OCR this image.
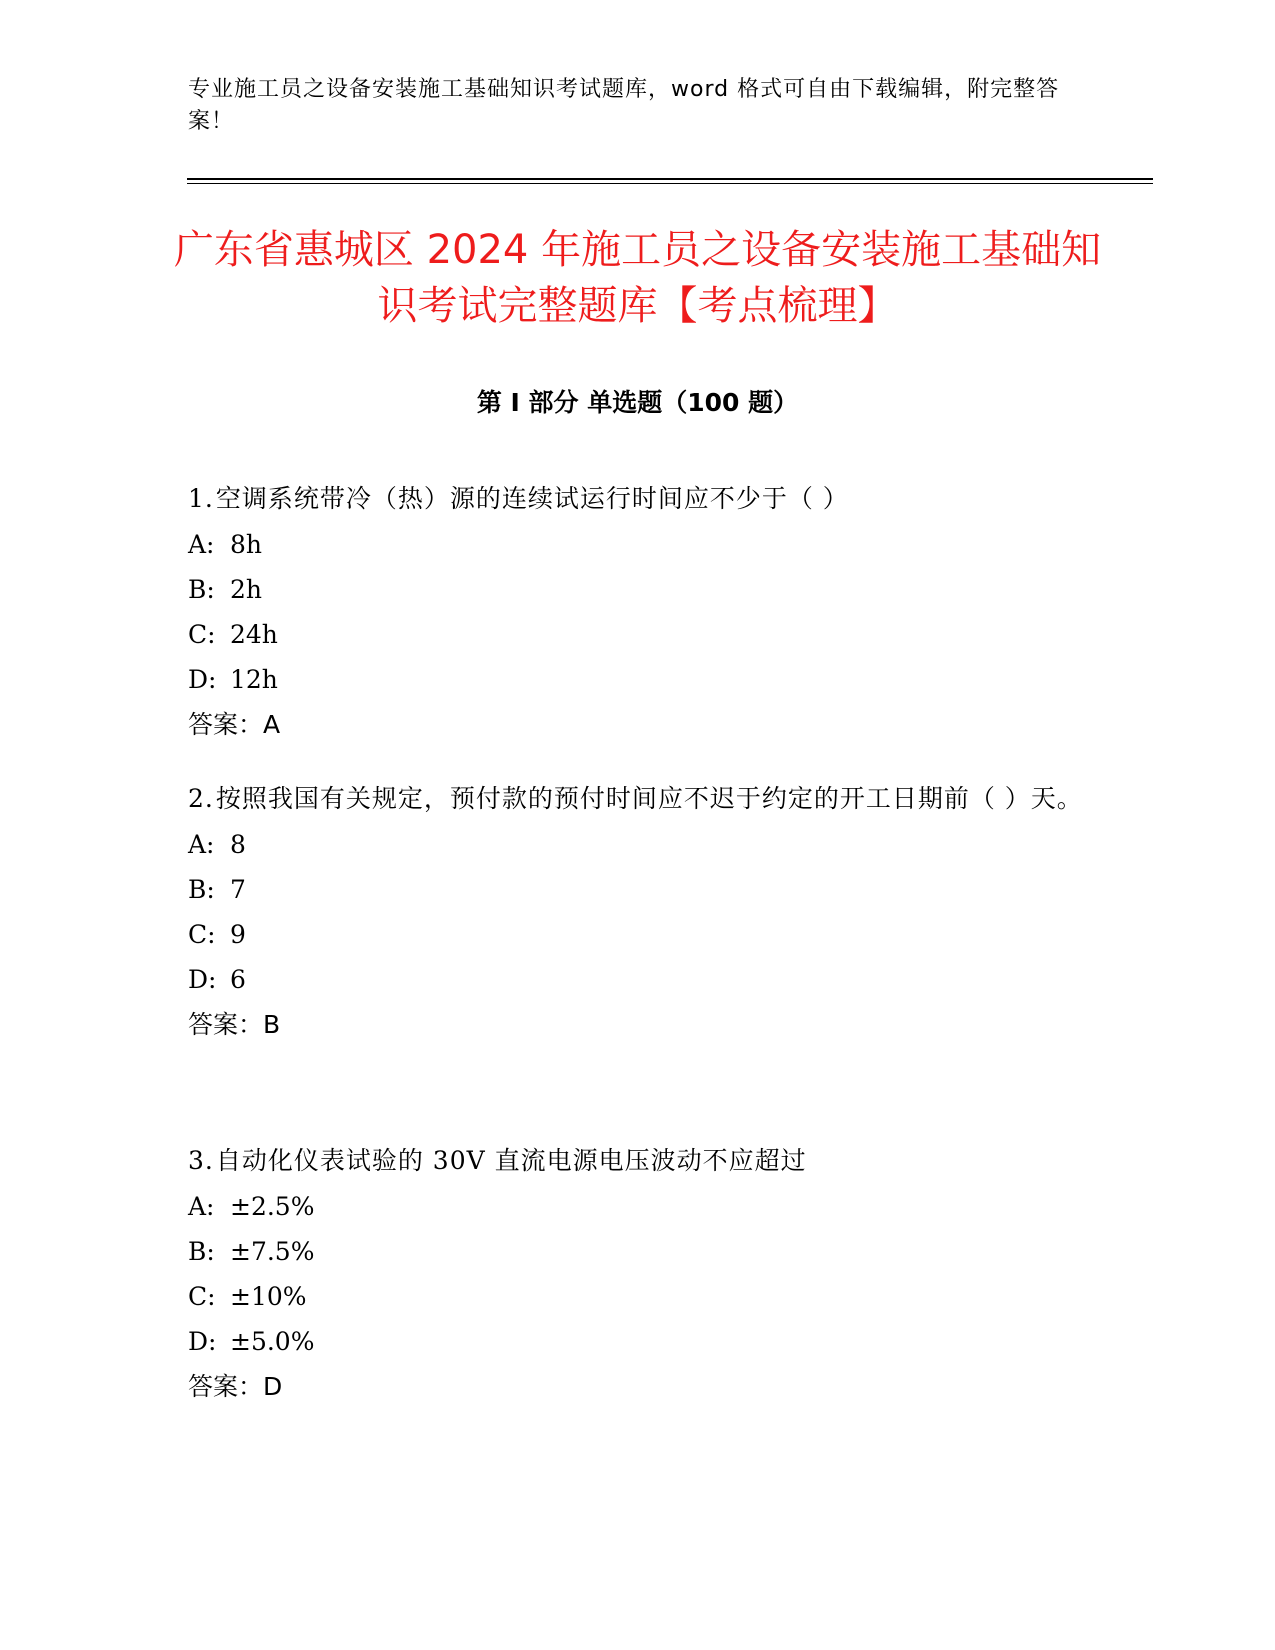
专业施工员之设备安装施工基础知识考试题库，word 格式可自由下载编辑，附完整答案！
广东省惠城区 2024 年施工员之设备安装施工基础知识考试完整题库【考点梳理】
第 I 部分 单选题（100 题）

1.空调系统带冷（热）源的连续试运行时间应不少于（ ）

A: 8h
B: 2h
C: 24h
D: 12h
答案：A

2.按照我国有关规定，预付款的预付时间应不迟于约定的开工日期前（ ）天。

A: 8
B: 7
C: 9
D: 6
答案：B

3.自动化仪表试验的 30V 直流电源电压波动不应超过

A: ±2.5%
B: ±7.5%
C: ±10%
D: ±5.0%
答案：D
